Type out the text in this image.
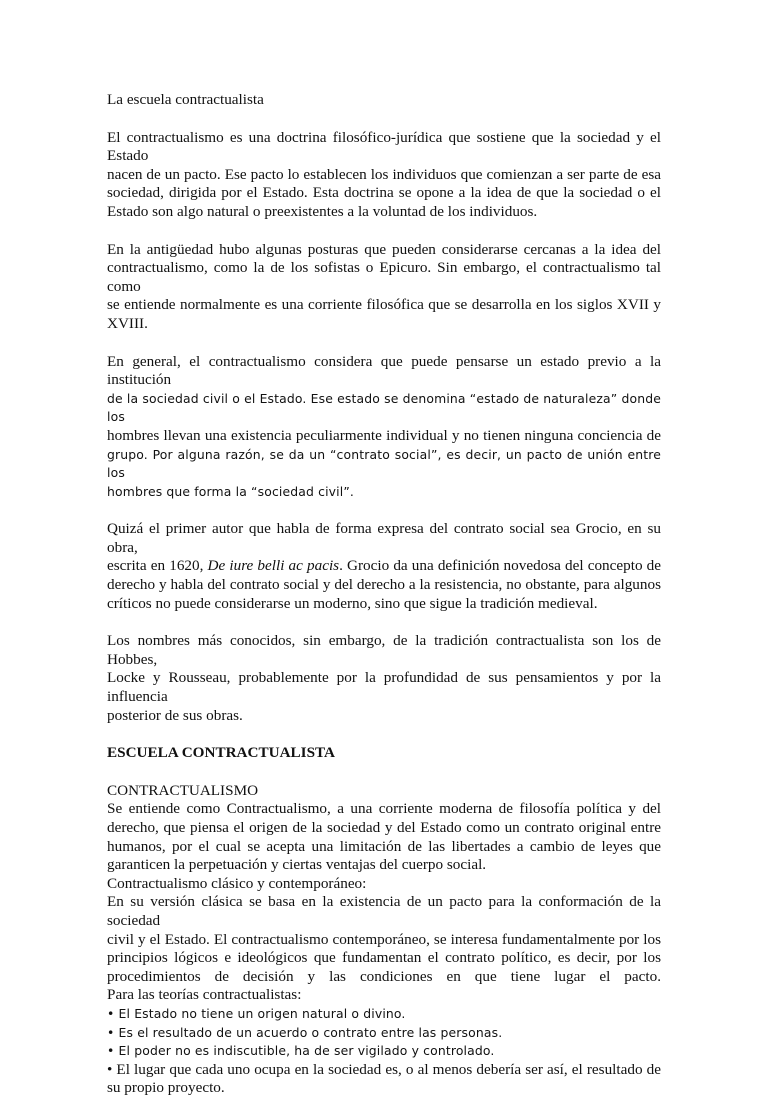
La escuela contractualista

El contractualismo es una doctrina filosófico-jurídica que sostiene que la sociedad y el Estado
nacen de un pacto. Ese pacto lo establecen los individuos que comienzan a ser parte de esa
sociedad, dirigida por el Estado. Esta doctrina se opone a la idea de que la sociedad o el
Estado son algo natural o preexistentes a la voluntad de los individuos.

En la antigüedad hubo algunas posturas que pueden considerarse cercanas a la idea del
contractualismo, como la de los sofistas o Epicuro. Sin embargo, el contractualismo tal como
se entiende normalmente es una corriente filosófica que se desarrolla en los siglos XVII y
XVIII.

En general, el contractualismo considera que puede pensarse un estado previo a la institución
de la sociedad civil o el Estado. Ese estado se denomina “estado de naturaleza” donde los
hombres llevan una existencia peculiarmente individual y no tienen ninguna conciencia de
grupo. Por alguna razón, se da un “contrato social”, es decir, un pacto de unión entre los
hombres que forma la “sociedad civil”.

Quizá el primer autor que habla de forma expresa del contrato social sea Grocio, en su obra,
escrita en 1620, De iure belli ac pacis. Grocio da una definición novedosa del concepto de
derecho y habla del contrato social y del derecho a la resistencia, no obstante, para algunos
críticos no puede considerarse un moderno, sino que sigue la tradición medieval.

Los nombres más conocidos, sin embargo, de la tradición contractualista son los de Hobbes,
Locke y Rousseau, probablemente por la profundidad de sus pensamientos y por la influencia
posterior de sus obras.

ESCUELA CONTRACTUALISTA

CONTRACTUALISMO

Se entiende como Contractualismo, a una corriente moderna de filosofía política y del
derecho, que piensa el origen de la sociedad y del Estado como un contrato original entre
humanos, por el cual se acepta una limitación de las libertades a cambio de leyes que
garanticen la perpetuación y ciertas ventajas del cuerpo social.

Contractualismo clásico y contemporáneo:

En su versión clásica se basa en la existencia de un pacto para la conformación de la sociedad
civil y el Estado. El contractualismo contemporáneo, se interesa fundamentalmente por los
principios lógicos e ideológicos que fundamentan el contrato político, es decir, por los
procedimientos de decisión y las condiciones en que tiene lugar el pacto.

Para las teorías contractualistas:

• El Estado no tiene un origen natural o divino.
• Es el resultado de un acuerdo o contrato entre las personas.
• El poder no es indiscutible, ha de ser vigilado y controlado.
• El lugar que cada uno ocupa en la sociedad es, o al menos debería ser así, el resultado de
su propio proyecto.
